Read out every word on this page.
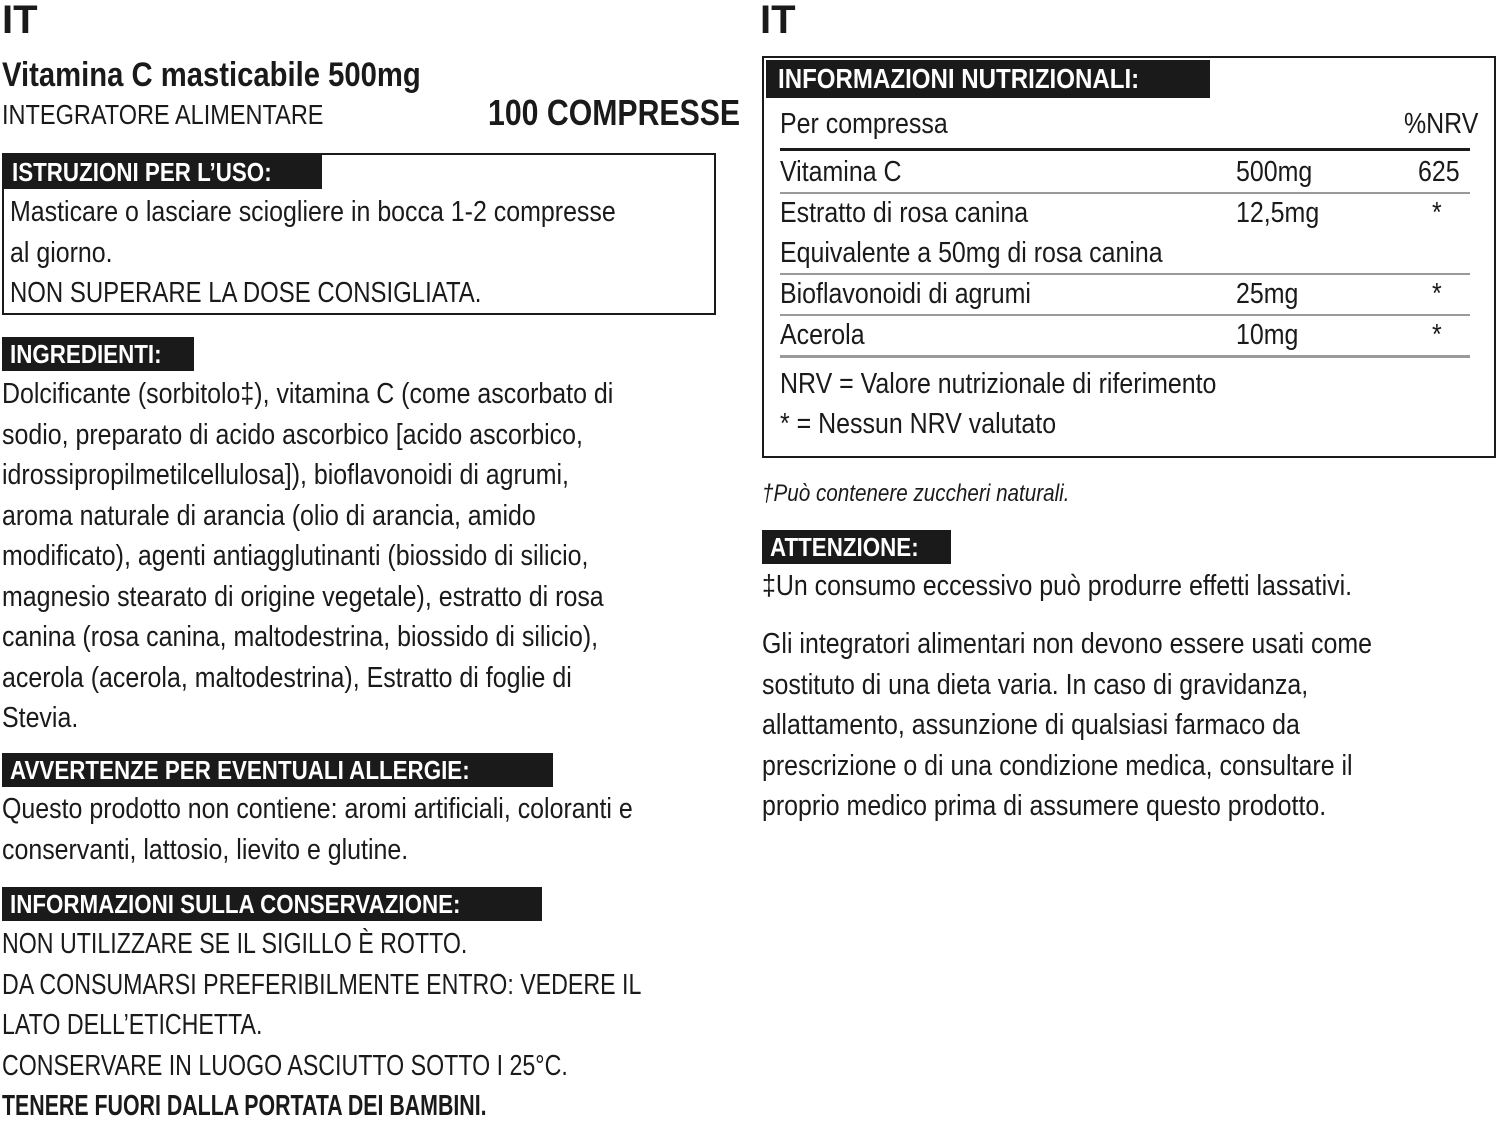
IT
Vitamina C masticabile 500mg
INTEGRATORE ALIMENTARE	100 COMPRESSE
ISTRUZIONI PER L’USO:
Masticare o lasciare sciogliere in bocca 1-2 compresse
al giorno.
NON SUPERARE LA DOSE CONSIGLIATA.
INGREDIENTI:
Dolcificante (sorbitolo‡), vitamina C (come ascorbato di
sodio, preparato di acido ascorbico [acido ascorbico,
idrossipropilmetilcellulosa]), bioflavonoidi di agrumi,
aroma naturale di arancia (olio di arancia, amido
modificato), agenti antiagglutinanti (biossido di silicio,
magnesio stearato di origine vegetale), estratto di rosa
canina (rosa canina, maltodestrina, biossido di silicio),
acerola (acerola, maltodestrina), Estratto di foglie di
Stevia.
AVVERTENZE PER EVENTUALI ALLERGIE:
Questo prodotto non contiene: aromi artificiali, coloranti e
conservanti, lattosio, lievito e glutine.
INFORMAZIONI SULLA CONSERVAZIONE:
NON UTILIZZARE SE IL SIGILLO È ROTTO.
DA CONSUMARSI PREFERIBILMENTE ENTRO: VEDERE IL
LATO DELL’ETICHETTA.
CONSERVARE IN LUOGO ASCIUTTO SOTTO I 25°C.
TENERE FUORI DALLA PORTATA DEI BAMBINI.
IT
INFORMAZIONI NUTRIZIONALI:
Per compressa	%NRV
Vitamina C	500mg	625
Estratto di rosa canina	12,5mg	*
Equivalente a 50mg di rosa canina
Bioflavonoidi di agrumi	25mg	*
Acerola	10mg	*
NRV = Valore nutrizionale di riferimento
* = Nessun NRV valutato
†Può contenere zuccheri naturali.
ATTENZIONE:
‡Un consumo eccessivo può produrre effetti lassativi.
Gli integratori alimentari non devono essere usati come
sostituto di una dieta varia. In caso di gravidanza,
allattamento, assunzione di qualsiasi farmaco da
prescrizione o di una condizione medica, consultare il
proprio medico prima di assumere questo prodotto.
